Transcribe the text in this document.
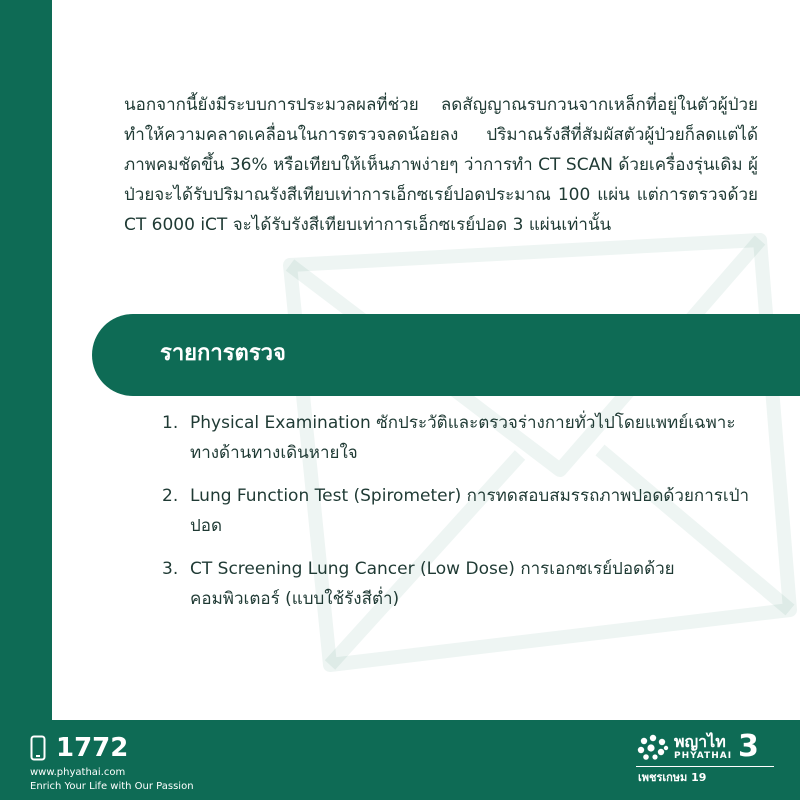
นอกจากนี้ยังมีระบบการประมวลผลที่ช่วย ลดสัญญาณรบกวนจากเหล็กที่อยู่ในตัวผู้ป่วย ทำให้ความคลาดเคลื่อนในการตรวจลดน้อยลง ปริมาณรังสีที่สัมผัสตัวผู้ป่วยก็ลดแต่ได้ภาพคมชัดขึ้น 36% หรือเทียบให้เห็นภาพง่ายๆ ว่าการทำ CT SCAN ด้วยเครื่องรุ่นเดิม ผู้ป่วยจะได้รับปริมาณรังสีเทียบเท่าการเอ็กซเรย์ปอดประมาณ 100 แผ่น แต่การตรวจด้วย CT 6000 iCT จะได้รับรังสีเทียบเท่าการเอ็กซเรย์ปอด 3 แผ่นเท่านั้น

รายการตรวจ
1. Physical Examination ซักประวัติและตรวจร่างกายทั่วไปโดยแพทย์เฉพาะทางด้านทางเดินหายใจ
2. Lung Function Test (Spirometer) การทดสอบสมรรถภาพปอดด้วยการเป่าปอด
3. CT Screening Lung Cancer (Low Dose) การเอกซเรย์ปอดด้วยคอมพิวเตอร์ (แบบใช้รังสีต่ำ)
1772
www.phyathai.com
Enrich Your Life with Our Passion
พญาไท
PHYATHAI 3
เพชรเกษม 19
